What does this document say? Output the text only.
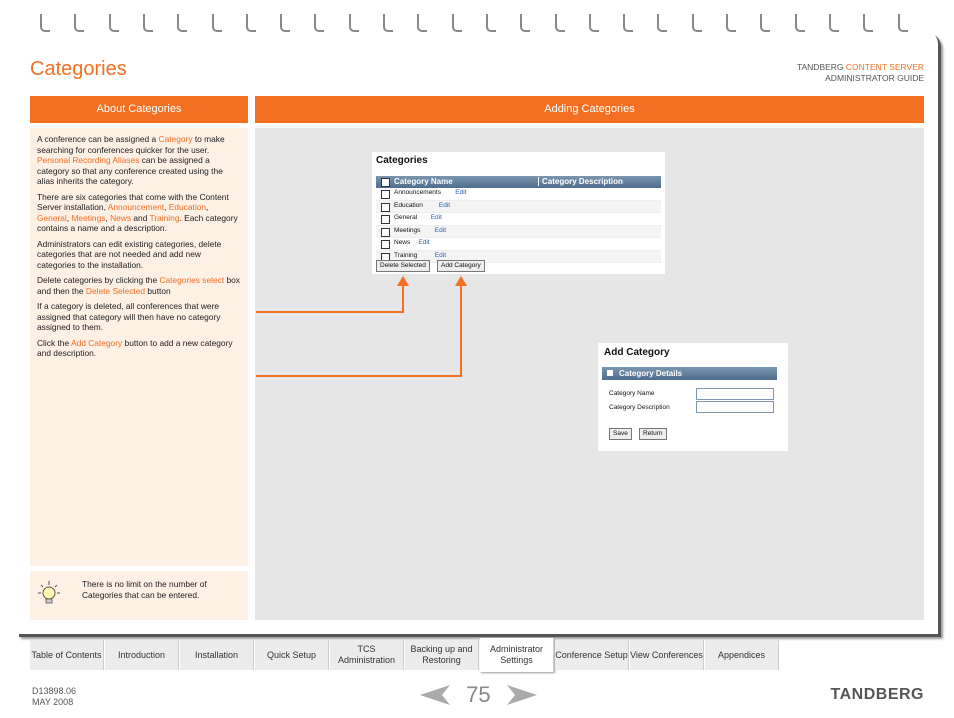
Categories	TANDBERG CONTENT SERVER
ADMINISTRATOR GUIDE
About Categories	Adding Categories

A conference can be assigned a Category to make searching for conferences quicker for the user. Personal Recording Aliases can be assigned a category so that any conference created using the alias inherits the category.

There are six categories that come with the Content Server installation, Announcement, Education, General, Meetings, News and Training. Each category contains a name and a description.

Administrators can edit existing categories, delete categories that are not needed and add new categories to the installation.

Delete categories by clicking the Categories select box and then the Delete Selected button

If a category is deleted, all conferences that were assigned that category will then have no category assigned to them.

Click the Add Category button to add a new category and description.

There is no limit on the number of Categories that can be entered.
Categories
Category Name	Category Description
Announcements Edit
Education Edit
General Edit
Meetings Edit
News Edit
Training	Edit
Delete Selected	Add Category
Add Category
Category Details
Category Name
Category Description
Save	Return
Table of Contents	Introduction	Installation	Quick Setup
TCS Administration
Backing up and Restoring
Administrator Settings
Conference Setup View Conferences	Appendices
D13898.06
MAY 2008	75	TANDBERG
